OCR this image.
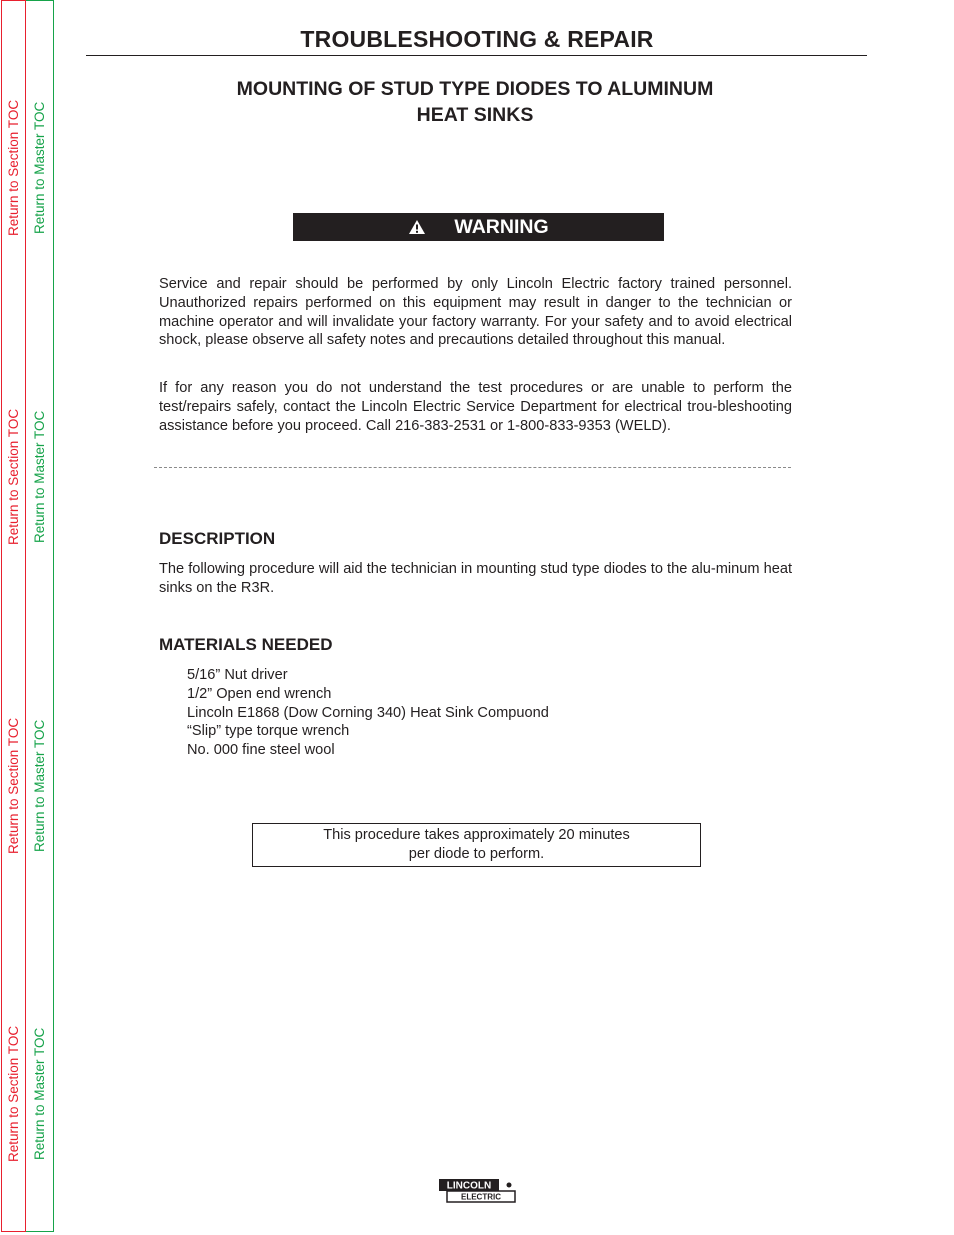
Return to Section TOC
Return to Section TOC
Return to Section TOC
Return to Section TOC
Return to Master TOC
Return to Master TOC
Return to Master TOC
Return to Master TOC
TROUBLESHOOTING & REPAIR
MOUNTING OF STUD TYPE DIODES TO ALUMINUM
HEAT SINKS
WARNING

Service and repair should be performed by only Lincoln Electric factory trained personnel. Unauthorized repairs performed on this equipment may result in danger to the technician or machine operator and will invalidate your factory warranty. For your safety and to avoid electrical shock, please observe all safety notes and precautions detailed throughout this manual.

If for any reason you do not understand the test procedures or are unable to perform the test/repairs safely, contact the Lincoln Electric Service Department for electrical trou-bleshooting assistance before you proceed. Call 216-383-2531 or 1-800-833-9353 (WELD).

DESCRIPTION

The following procedure will aid the technician in mounting stud type diodes to the alu-minum heat sinks on the R3R.

MATERIALS NEEDED
5/16” Nut driver
1/2” Open end wrench
Lincoln E1868 (Dow Corning 340) Heat Sink Compuond
“Slip” type torque wrench
No. 000 fine steel wool
This procedure takes approximately 20 minutes
per diode to perform.
LINCOLN
ELECTRIC
